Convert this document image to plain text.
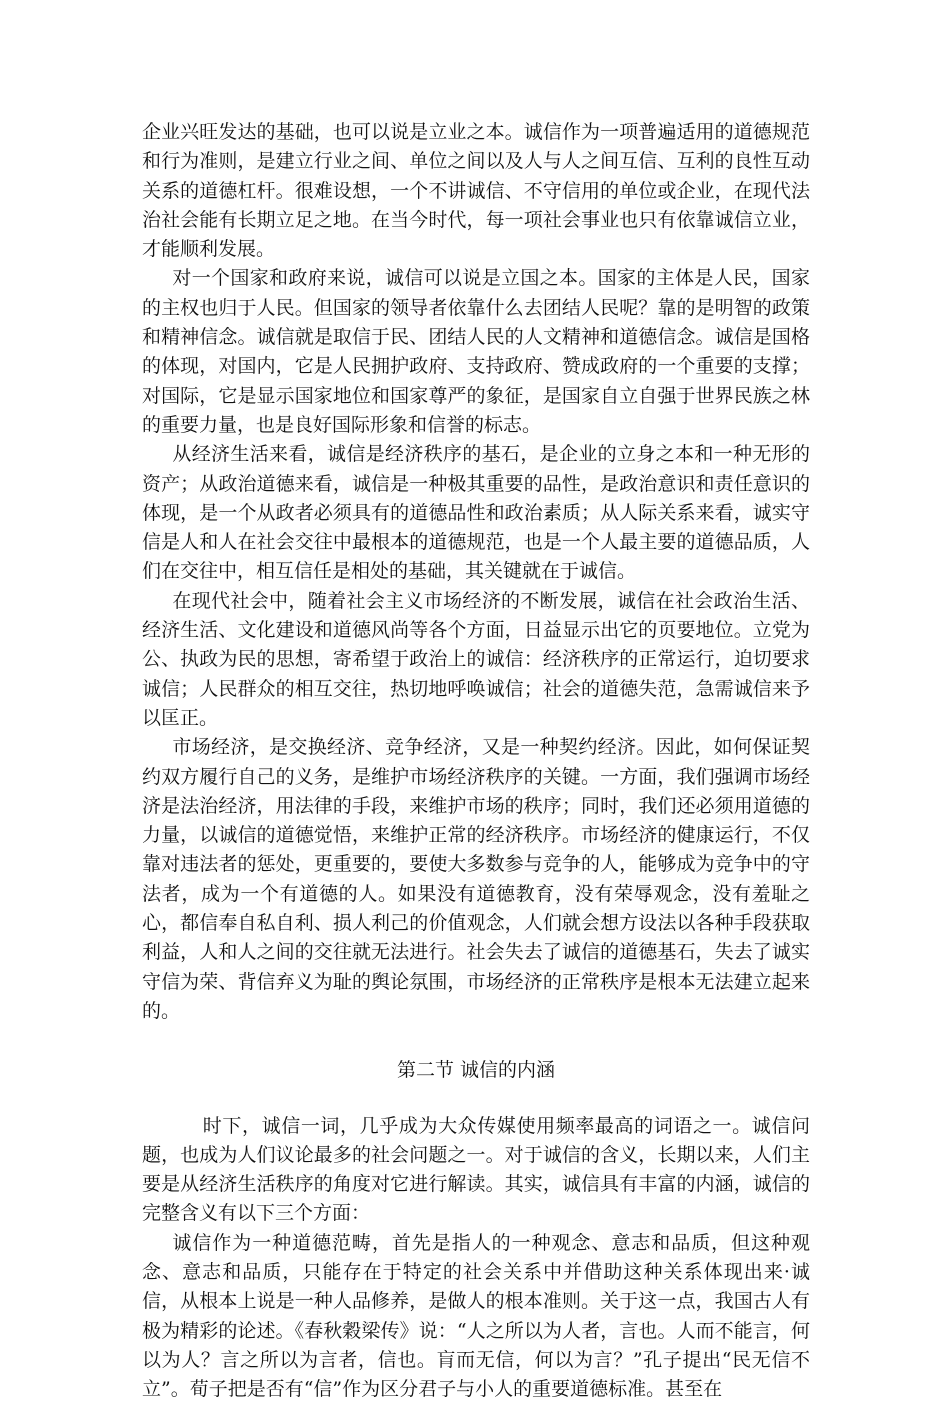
企业兴旺发达的基础，也可以说是立业之本。诚信作为一项普遍适用的道德规范和行为准则，是建立行业之间、单位之间以及人与人之间互信、互利的良性互动关系的道德杠杆。很难设想，一个不讲诚信、不守信用的单位或企业，在现代法治社会能有长期立足之地。在当今时代，每一项社会事业也只有依靠诚信立业，才能顺利发展。

对一个国家和政府来说，诚信可以说是立国之本。国家的主体是人民，国家的主权也归于人民。但国家的领导者依靠什么去团结人民呢？靠的是明智的政策和精神信念。诚信就是取信于民、团结人民的人文精神和道德信念。诚信是国格的体现，对国内，它是人民拥护政府、支持政府、赞成政府的一个重要的支撑；对国际，它是显示国家地位和国家尊严的象征，是国家自立自强于世界民族之林的重要力量，也是良好国际形象和信誉的标志。

从经济生活来看，诚信是经济秩序的基石，是企业的立身之本和一种无形的资产；从政治道德来看，诚信是一种极其重要的品性，是政治意识和责任意识的体现，是一个从政者必须具有的道德品性和政治素质；从人际关系来看，诚实守信是人和人在社会交往中最根本的道德规范，也是一个人最主要的道德品质，人们在交往中，相互信任是相处的基础，其关键就在于诚信。

在现代社会中，随着社会主义市场经济的不断发展，诚信在社会政治生活、经济生活、文化建设和道德风尚等各个方面，日益显示出它的页要地位。立党为公、执政为民的思想，寄希望于政治上的诚信：经济秩序的正常运行，迫切要求诚信；人民群众的相互交往，热切地呼唤诚信；社会的道德失范，急需诚信来予以匡正。

市场经济，是交换经济、竞争经济，又是一种契约经济。因此，如何保证契约双方履行自己的义务，是维护市场经济秩序的关键。一方面，我们强调市场经济是法治经济，用法律的手段，来维护市场的秩序；同时，我们还必须用道德的力量，以诚信的道德觉悟，来维护正常的经济秩序。市场经济的健康运行，不仅靠对违法者的惩处，更重要的，要使大多数参与竞争的人，能够成为竞争中的守法者，成为一个有道德的人。如果没有道德教育，没有荣辱观念，没有羞耻之心，都信奉自私自利、损人利己的价值观念，人们就会想方设法以各种手段获取利益，人和人之间的交往就无法进行。社会失去了诚信的道德基石，失去了诚实守信为荣、背信弃义为耻的舆论氛围，市场经济的正常秩序是根本无法建立起来的。

第二节 诚信的内涵

时下，诚信一词，几乎成为大众传媒使用频率最高的词语之一。诚信问题，也成为人们议论最多的社会问题之一。对于诚信的含义，长期以来，人们主要是从经济生活秩序的角度对它进行解读。其实，诚信具有丰富的内涵，诚信的完整含义有以下三个方面：

诚信作为一种道德范畴，首先是指人的一种观念、意志和品质，但这种观念、意志和品质，只能存在于特定的社会关系中并借助这种关系体现出来·诚信，从根本上说是一种人品修养，是做人的根本准则。关于这一点，我国古人有极为精彩的论述。《春秋穀梁传》说：“人之所以为人者，言也。人而不能言，何以为人？言之所以为言者，信也。肓而无信，何以为言？”孔子提出“民无信不立”。荀子把是否有“信”作为区分君子与小人的重要道德标准。甚至在
